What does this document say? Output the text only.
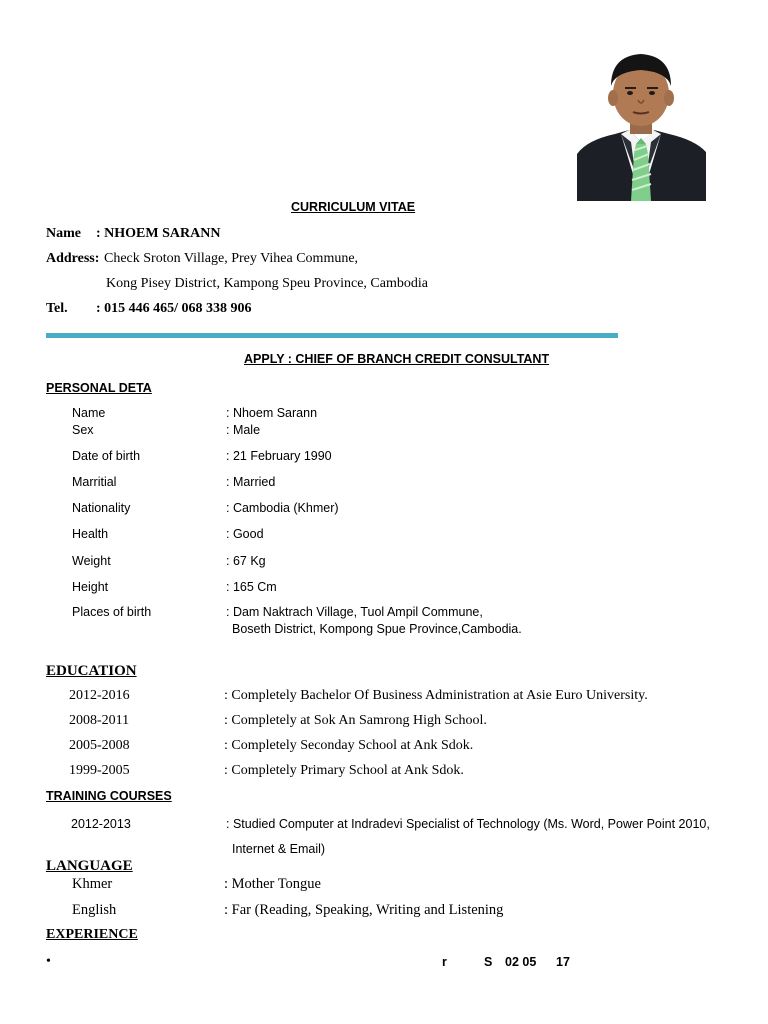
CURRICULUM VITAE
Name : NHOEM SARANN
Address: Check Sroton Village, Prey Vihea Commune,
Kong Pisey District, Kampong Speu Province, Cambodia
Tel. : 015 446 465/ 068 338 906
APPLY : CHIEF OF BRANCH CREDIT CONSULTANT
PERSONAL DETA
Name	: Nhoem Sarann
Sex	: Male
Date of birth	: 21 February 1990
Marritial	: Married
Nationality	: Cambodia (Khmer)
Health	: Good
Weight	: 67 Kg
Height	: 165 Cm
Places of birth	: Dam Naktrach Village, Tuol Ampil Commune,
Boseth District, Kompong Spue Province,Cambodia.
EDUCATION
2012-2016	: Completely Bachelor Of Business Administration at Asie Euro University.
2008-2011	: Completely at Sok An Samrong High School.
2005-2008	: Completely Seconday School at Ank Sdok.
1999-2005	: Completely Primary School at Ank Sdok.
TRAINING COURSES
2012-2013	: Studied Computer at Indradevi Specialist of Technology (Ms. Word, Power Point 2010,
Internet & Email)
LANGUAGE
Khmer	: Mother Tongue
English	: Far (Reading, Speaking, Writing and Listening
EXPERIENCE
•	r	S 02 05 17
